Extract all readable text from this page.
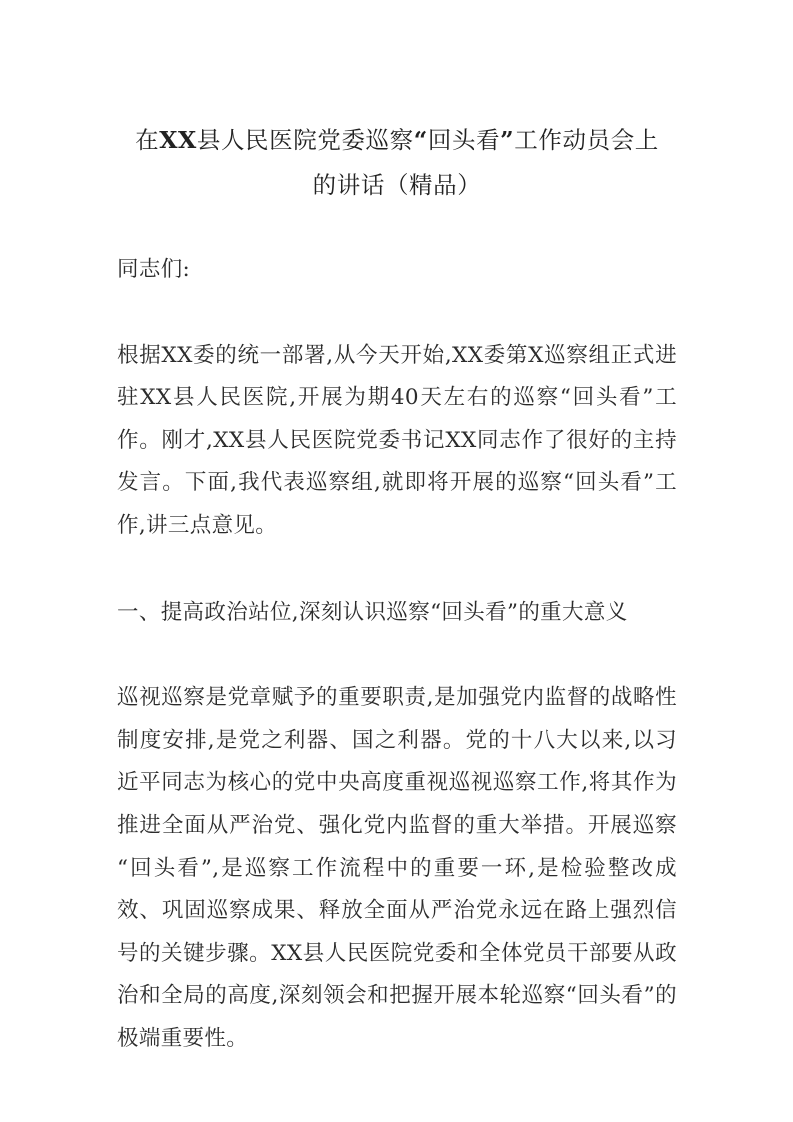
在XX县人民医院党委巡察“回头看”工作动员会上
的讲话（精品）

同志们:

根据XX委的统一部署,从今天开始,XX委第X巡察组正式进驻XX县人民医院,开展为期40天左右的巡察“回头看”工作。刚才,XX县人民医院党委书记XX同志作了很好的主持发言。下面,我代表巡察组,就即将开展的巡察“回头看”工作,讲三点意见。

一、提高政治站位,深刻认识巡察“回头看”的重大意义

巡视巡察是党章赋予的重要职责,是加强党内监督的战略性制度安排,是党之利器、国之利器。党的十八大以来,以习近平同志为核心的党中央高度重视巡视巡察工作,将其作为推进全面从严治党、强化党内监督的重大举措。开展巡察“回头看”,是巡察工作流程中的重要一环,是检验整改成效、巩固巡察成果、释放全面从严治党永远在路上强烈信号的关键步骤。XX县人民医院党委和全体党员干部要从政治和全局的高度,深刻领会和把握开展本轮巡察“回头看”的极端重要性。
